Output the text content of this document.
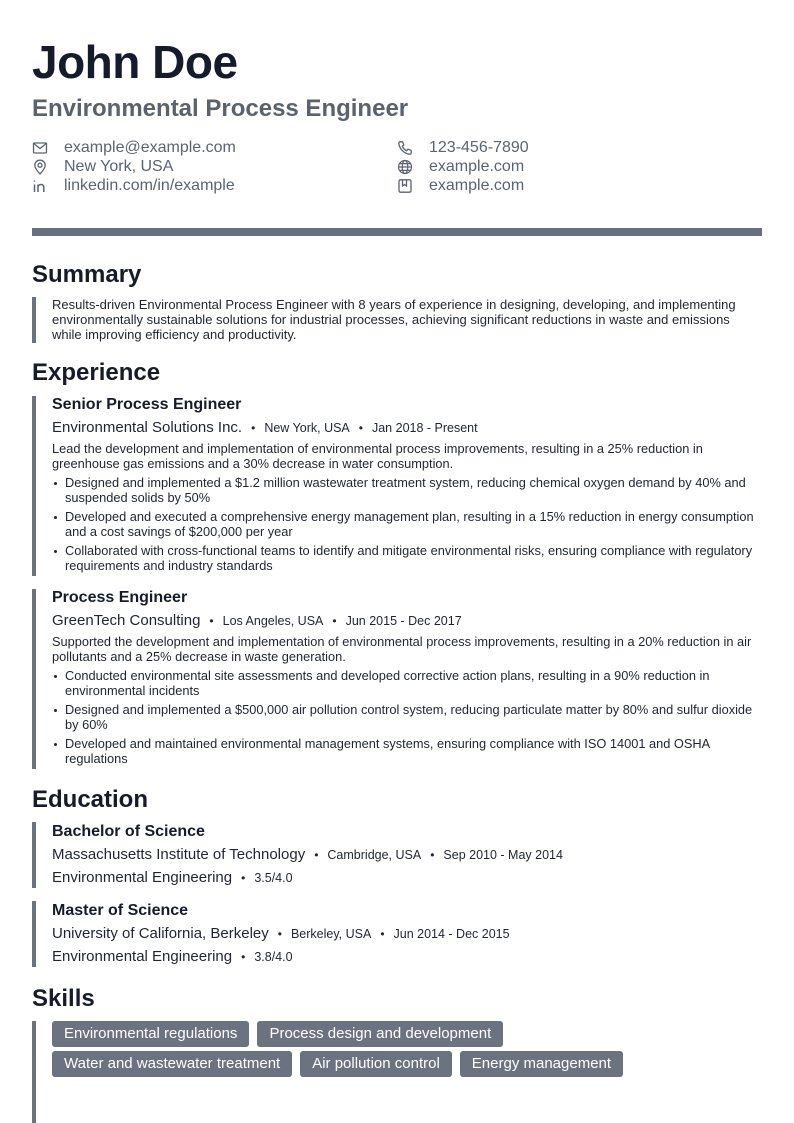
John Doe
Environmental Process Engineer
example@example.com	123-456-7890
New York, USA	example.com
linkedin.com/in/example	example.com
Summary
Results-driven Environmental Process Engineer with 8 years of experience in designing, developing, and implementing environmentally sustainable solutions for industrial processes, achieving significant reductions in waste and emissions while improving efficiency and productivity.
Experience
Senior Process Engineer
Environmental Solutions Inc. • New York, USA • Jan 2018 - Present
Lead the development and implementation of environmental process improvements, resulting in a 25% reduction in greenhouse gas emissions and a 30% decrease in water consumption.
Designed and implemented a $1.2 million wastewater treatment system, reducing chemical oxygen demand by 40% and suspended solids by 50%
Developed and executed a comprehensive energy management plan, resulting in a 15% reduction in energy consumption and a cost savings of $200,000 per year
Collaborated with cross-functional teams to identify and mitigate environmental risks, ensuring compliance with regulatory requirements and industry standards
Process Engineer
GreenTech Consulting • Los Angeles, USA • Jun 2015 - Dec 2017
Supported the development and implementation of environmental process improvements, resulting in a 20% reduction in air pollutants and a 25% decrease in waste generation.
Conducted environmental site assessments and developed corrective action plans, resulting in a 90% reduction in environmental incidents
Designed and implemented a $500,000 air pollution control system, reducing particulate matter by 80% and sulfur dioxide by 60%
Developed and maintained environmental management systems, ensuring compliance with ISO 14001 and OSHA regulations
Education
Bachelor of Science
Massachusetts Institute of Technology • Cambridge, USA • Sep 2010 - May 2014
Environmental Engineering • 3.5/4.0
Master of Science
University of California, Berkeley • Berkeley, USA • Jun 2014 - Dec 2015
Environmental Engineering • 3.8/4.0
Skills
Environmental regulations	Process design and development
Water and wastewater treatment	Air pollution control	Energy management
